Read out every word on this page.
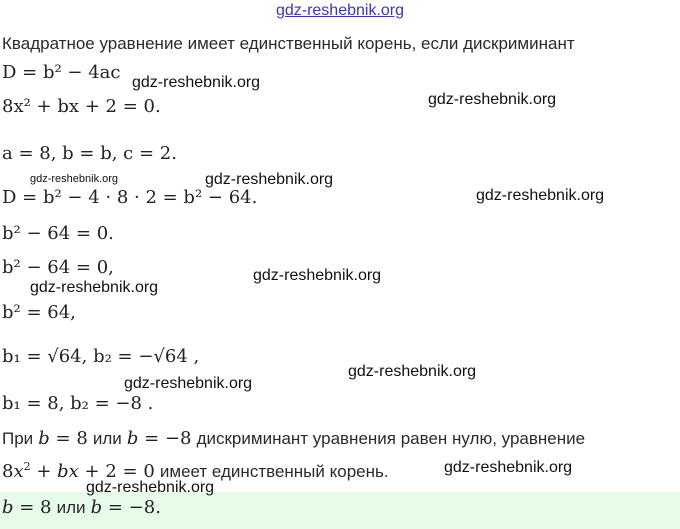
gdz-reshebnik.org
Квадратное уравнение имеет единственный корень, если дискриминант
D = b² − 4ac
8x² + bx + 2 = 0.
a = 8, b = b, c = 2.
D = b² − 4 · 8 · 2 = b² − 64.
b² − 64 = 0.
b² − 64 = 0,
b² = 64,
b₁ = √64, b₂ = −√64 ,
b₁ = 8, b₂ = −8 .
При b = 8 или b = −8 дискриминант уравнения равен нулю, уравнение
$8x^2$ + bx + 2 = 0 имеет единственный корень.
b = 8 или b = −8.
gdz-reshebnik.org
gdz-reshebnik.org
gdz-reshebnik.org	gdz-reshebnik.org
gdz-reshebnik.org
gdz-reshebnik.org
gdz-reshebnik.org
gdz-reshebnik.org
gdz-reshebnik.org
gdz-reshebnik.org
gdz-reshebnik.org
